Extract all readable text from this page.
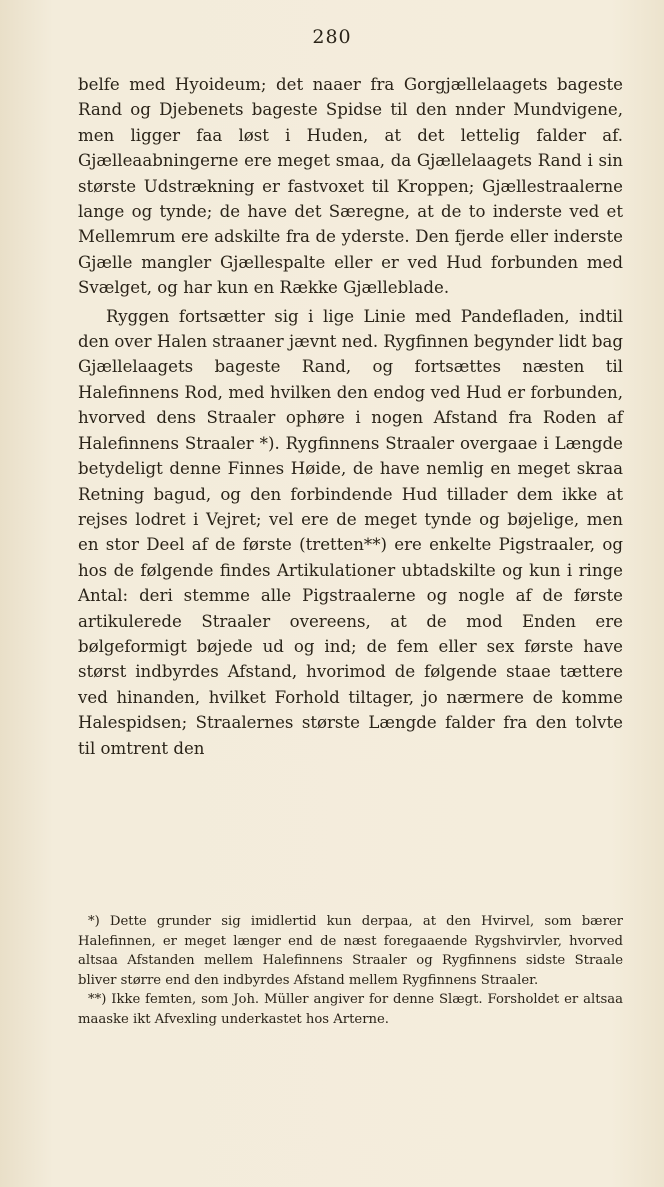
280

belfe med Hyoideum; det naaer fra Gorgjællelaagets bageste Rand og Djebenets bageste Spidse til den nnder Mundvigene, men ligger faa løst i Huden, at det lettelig falder af. Gjælleaabningerne ere meget smaa, da Gjællelaagets Rand i sin største Udstrækning er fastvoxet til Kroppen; Gjællestraalerne lange og tynde; de have det Særegne, at de to inderste ved et Mellemrum ere adskilte fra de yderste. Den fjerde eller inderste Gjælle mangler Gjællespalte eller er ved Hud forbunden med Svælget, og har kun en Række Gjællebladе.

Ryggen fortsætter sig i lige Linie med Pandefladen, indtil den over Halen straaner jævnt ned. Rygfinnen begynder lidt bag Gjællelaagets bageste Rand, og fortsættes næsten til Halefinnens Rod, med hvilken den endog ved Hud er forbunden, hvorved dens Straaler ophøre i nogen Afstand fra Roden af Halefinnens Straaler *). Rygfinnens Straaler overgaae i Længde betydeligt denne Finnes Høide, de have nemlig en meget skraa Retning bagud, og den forbindende Hud tillader dem ikke at rejses lodret i Vejret; vel ere de meget tynde og bøjelige, men en stor Deel af de første (tretten**) ere enkelte Pigstraaler, og hos de følgende findes Artikulationer ubtadskilte og kun i ringe Antal: deri stemme alle Pigstraalerne og nogle af de første artikulerede Straaler overeens, at de mod Enden ere bølgeformigt bøjede ud og ind; de fem eller sex første have størst indbyrdes Afstand, hvorimod de følgende staae tættere ved hinanden, hvilket Forhold tiltager, jo nærmere de komme Halespidsen; Straalernes største Længde falder fra den tolvte til omtrent den

*) Dette grunder sig imidlertid kun derpaa, at den Hvirvel, som bærer Halefinnen, er meget længer end de næst foregaaende Rygshvirvler, hvorved altsaa Afstanden mellem Halefinnens Straaler og Rygfinnens sidste Straale bliver større end den indbyrdes Afstand mellem Rygfinnens Straaler.

**) Ikke femten, som Joh. Müller angiver for denne Slægt. Forsholdet er altsaa maaske ikt Afvexling underkastet hos Arterne.
